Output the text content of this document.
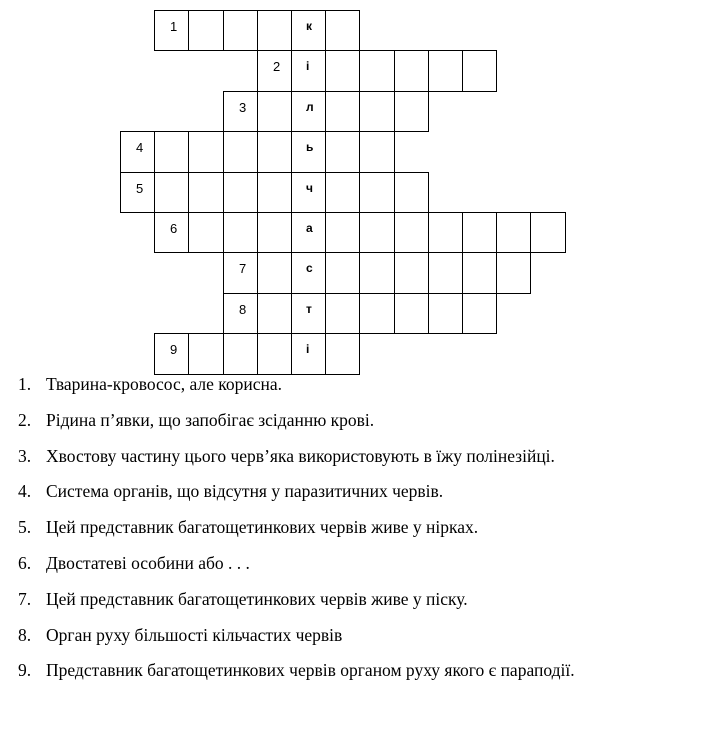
1	к
2 і
3	л
4	ь
5	ч
6	а
7	с
8	т
9	і
1. Тварина-кровосос, але корисна.
2. Рідина п’явки, що запобігає зсіданню крові.
3. Хвостову частину цього черв’яка використовують в їжу полінезійці.
4. Система органів, що відсутня у паразитичних червів.
5. Цей представник багатощетинкових червів живе у нірках.
6. Двостатеві особини або . . .
7. Цей представник багатощетинкових червів живе у піску.
8. Орган руху більшості кільчастих червів
9. Представник багатощетинкових червів органом руху якого є параподії.
